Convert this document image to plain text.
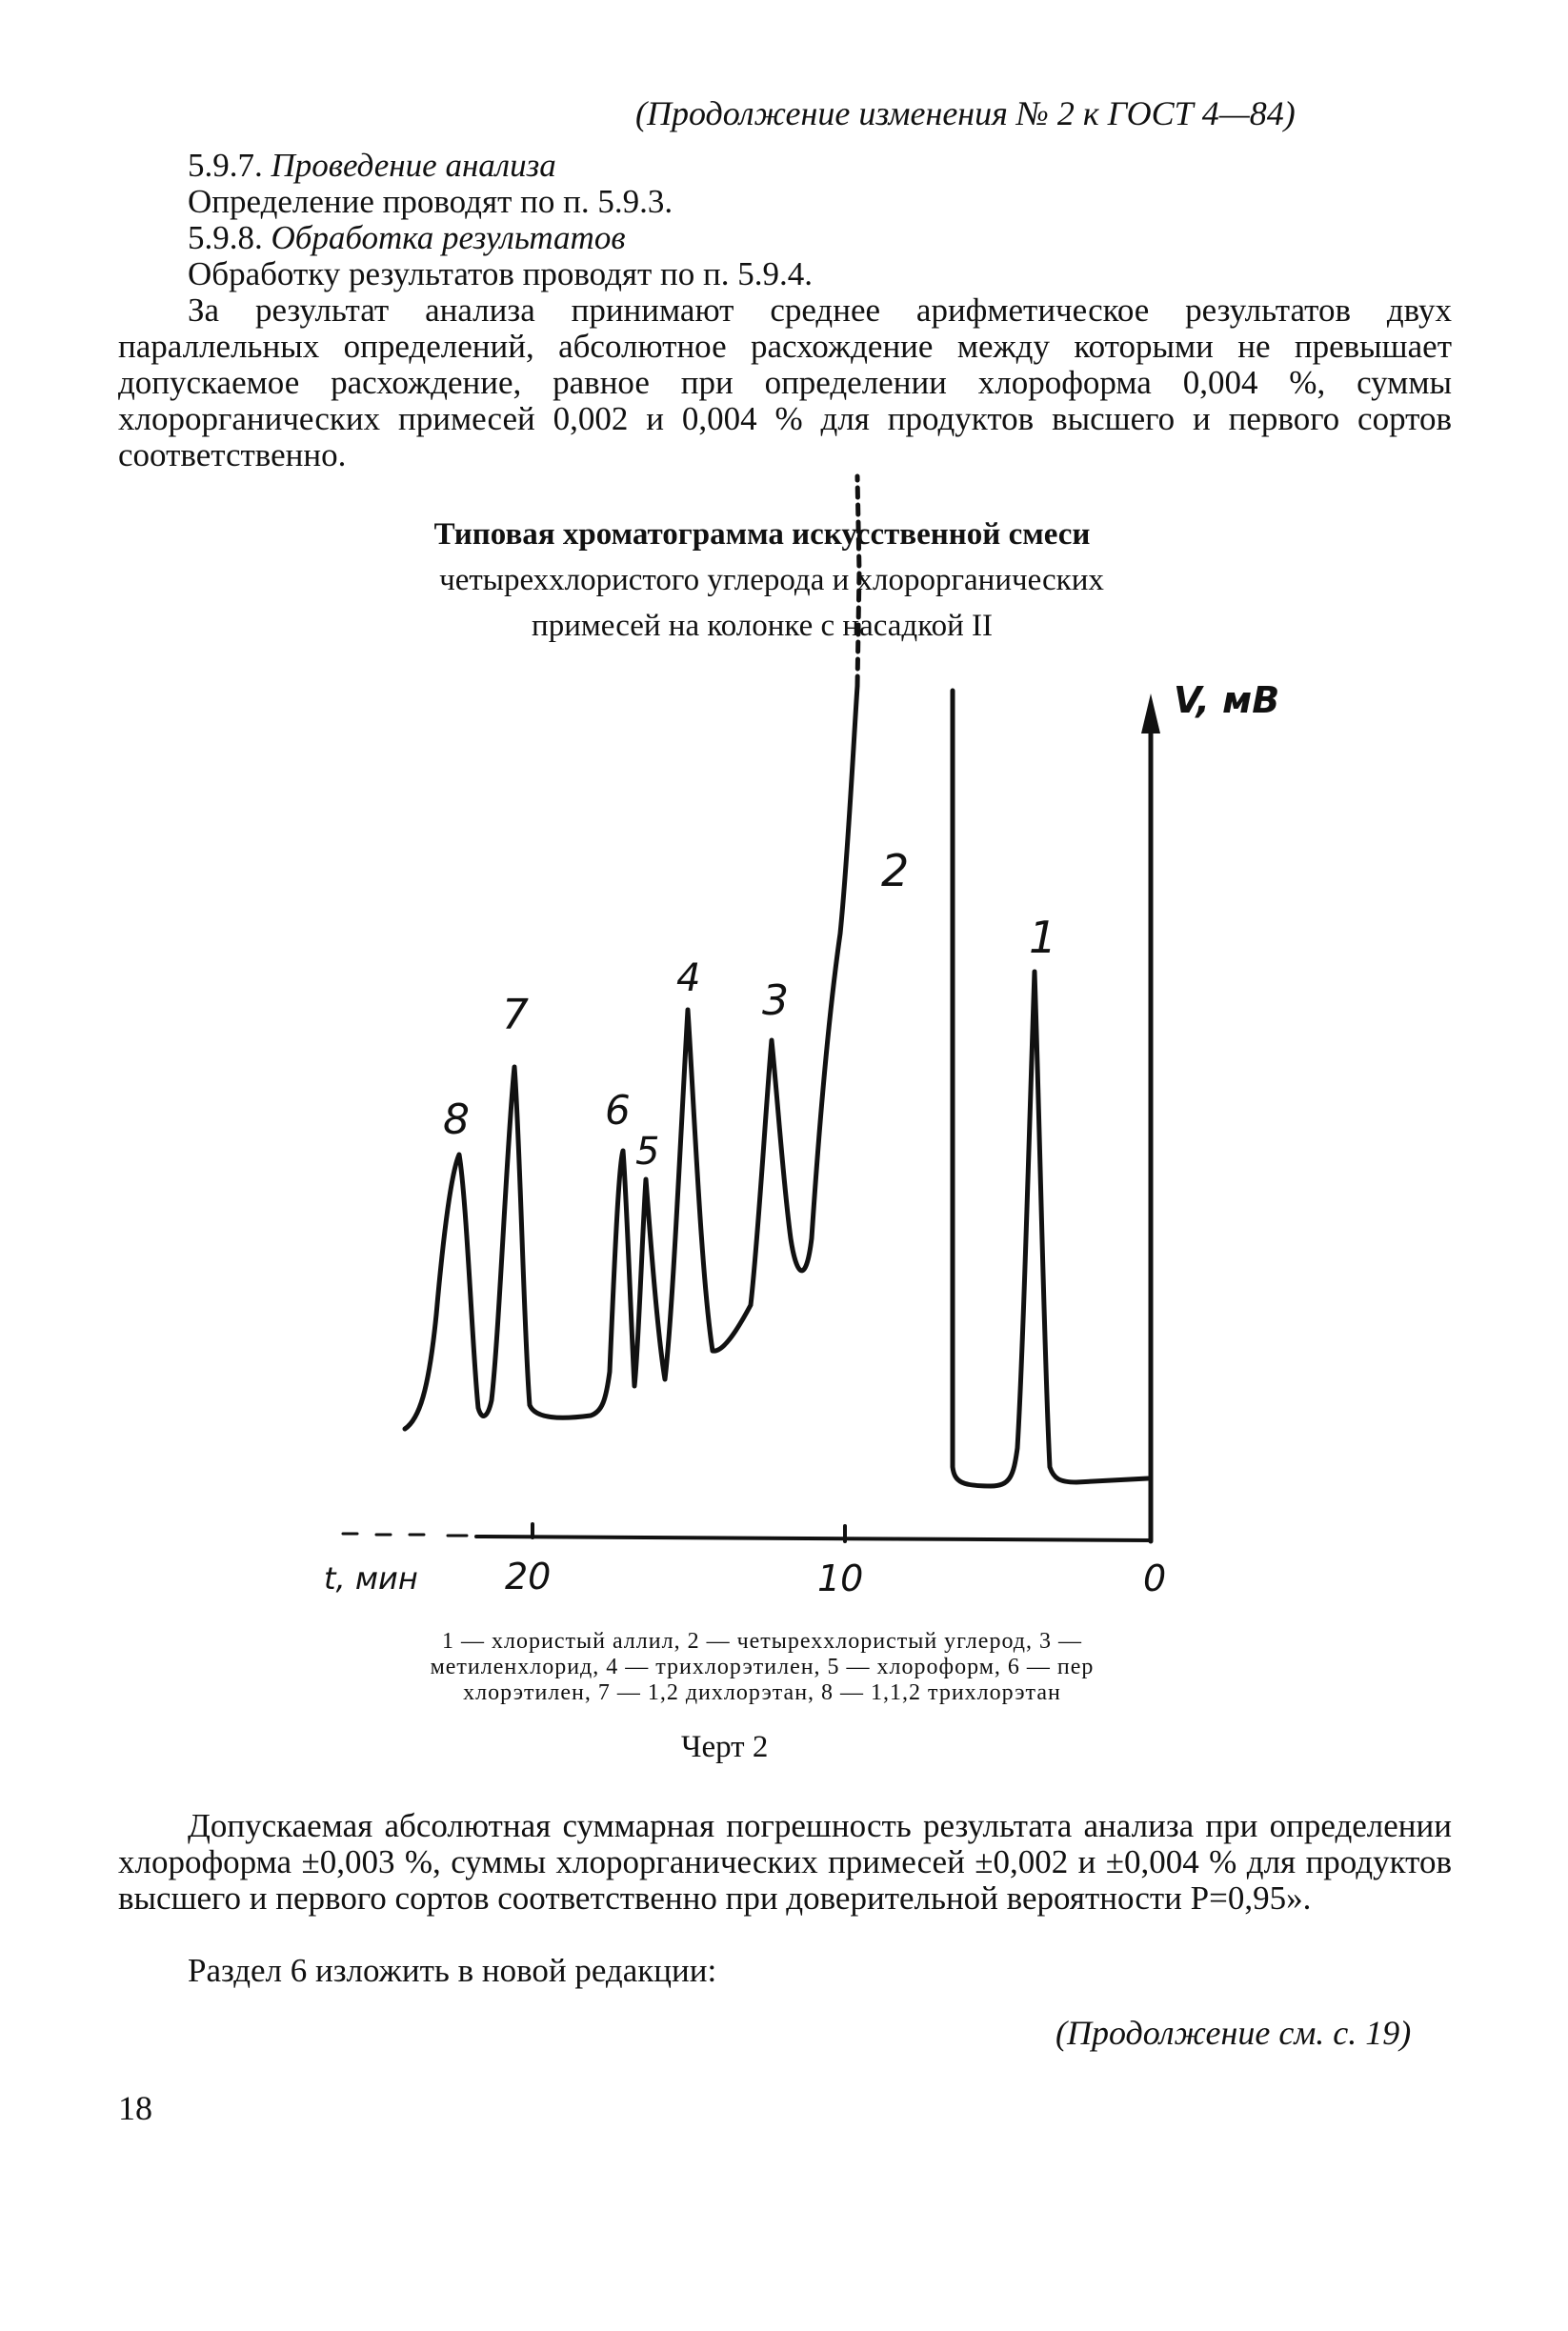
(Продолжение изменения № 2 к ГОСТ 4—84)
5.9.7. Проведение анализа
Определение проводят по п. 5.9.3.
5.9.8. Обработка результатов
Обработку результатов проводят по п. 5.9.4.
За результат анализа принимают среднее арифметическое результатов двух параллельных определений, абсолютное расхождение между которыми не превышает допускаемое расхождение, равное при определении хлороформа 0,004 %, суммы хлорорганических примесей 0,002 и 0,004 % для продуктов высшего и первого сортов соответственно.
Типовая хроматограмма искусственной смеси
четыреххлористого углерода и хлорорганических
примесей на колонке с насадкой II
V, мВ
t, мин 20	10	0
1
2
3
4
5
6
7
8
1 — хлористый аллил, 2 — четыреххлористый углерод, 3 —
метиленхлорид, 4 — трихлорэтилен, 5 — хлороформ, 6 — пер
хлорэтилен, 7 — 1,2 дихлорэтан, 8 — 1,1,2 трихлорэтан
Черт 2
Допускаемая абсолютная суммарная погрешность результата анализа при определении хлороформа ±0,003 %, суммы хлорорганических примесей ±0,002 и ±0,004 % для продуктов высшего и первого сортов соответственно при доверительной вероятности P=0,95».
Раздел 6 изложить в новой редакции:
(Продолжение см. с. 19)
18
